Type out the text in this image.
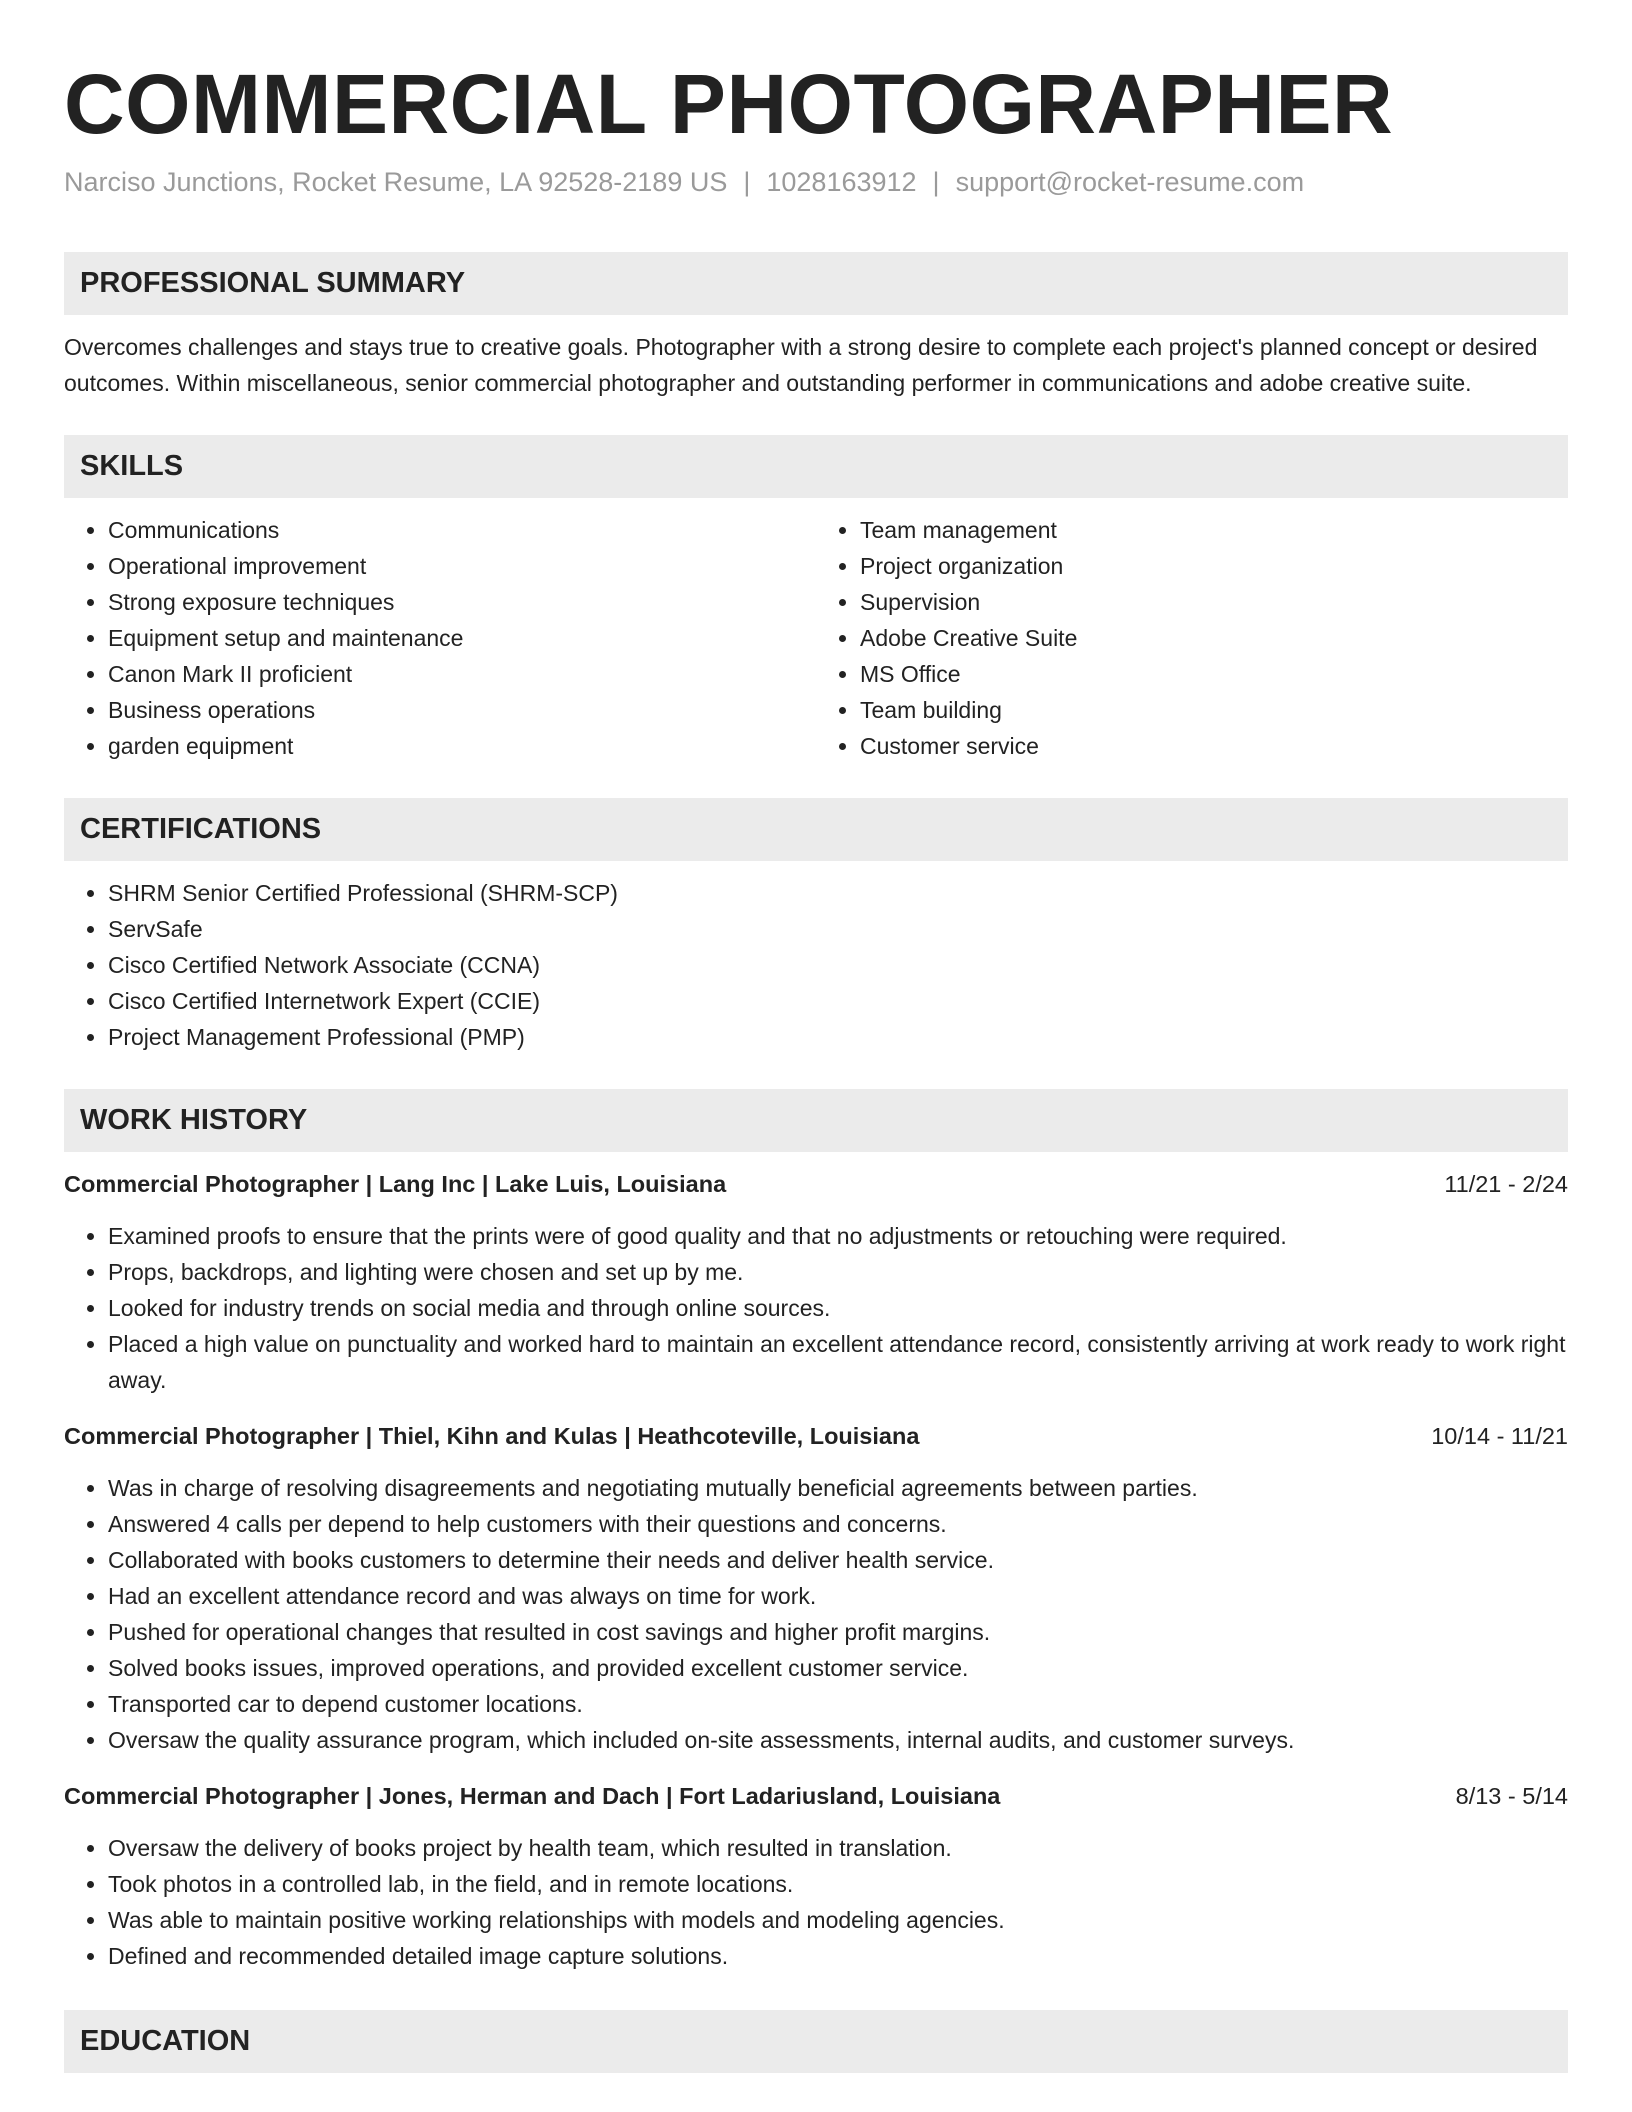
COMMERCIAL PHOTOGRAPHER
Narciso Junctions, Rocket Resume, LA 92528-2189 US | 1028163912 | support@rocket-resume.com
PROFESSIONAL SUMMARY

Overcomes challenges and stays true to creative goals. Photographer with a strong desire to complete each project's planned concept or desired outcomes. Within miscellaneous, senior commercial photographer and outstanding performer in communications and adobe creative suite.

SKILLS
• Communications
• Operational improvement
• Strong exposure techniques
• Equipment setup and maintenance
• Canon Mark II proficient
• Business operations
• garden equipment
• Team management
• Project organization
• Supervision
• Adobe Creative Suite
• MS Office
• Team building
• Customer service
CERTIFICATIONS
• SHRM Senior Certified Professional (SHRM-SCP)
• ServSafe
• Cisco Certified Network Associate (CCNA)
• Cisco Certified Internetwork Expert (CCIE)
• Project Management Professional (PMP)
WORK HISTORY
Commercial Photographer | Lang Inc | Lake Luis, Louisiana	11/21 - 2/24
• Examined proofs to ensure that the prints were of good quality and that no adjustments or retouching were required.
• Props, backdrops, and lighting were chosen and set up by me.
• Looked for industry trends on social media and through online sources.
• Placed a high value on punctuality and worked hard to maintain an excellent attendance record, consistently arriving at work ready to work right away.
Commercial Photographer | Thiel, Kihn and Kulas | Heathcoteville, Louisiana	10/14 - 11/21
• Was in charge of resolving disagreements and negotiating mutually beneficial agreements between parties.
• Answered 4 calls per depend to help customers with their questions and concerns.
• Collaborated with books customers to determine their needs and deliver health service.
• Had an excellent attendance record and was always on time for work.
• Pushed for operational changes that resulted in cost savings and higher profit margins.
• Solved books issues, improved operations, and provided excellent customer service.
• Transported car to depend customer locations.
• Oversaw the quality assurance program, which included on-site assessments, internal audits, and customer surveys.
Commercial Photographer | Jones, Herman and Dach | Fort Ladariusland, Louisiana	8/13 - 5/14
• Oversaw the delivery of books project by health team, which resulted in translation.
• Took photos in a controlled lab, in the field, and in remote locations.
• Was able to maintain positive working relationships with models and modeling agencies.
• Defined and recommended detailed image capture solutions.
EDUCATION
